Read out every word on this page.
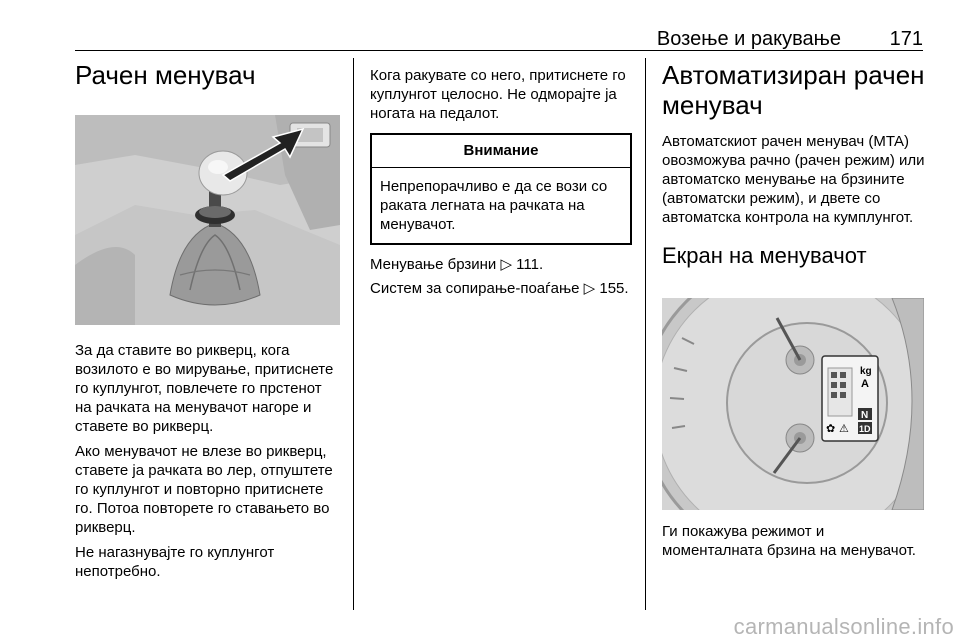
Возење и ракување 171
Рачен менувач

За да ставите во рикверц, кога возилото е во мирување, притиснете го куплунгот, повлечете го прстенот на рачката на менувачот нагоре и ставете во рикверц.

Ако менувачот не влезе во рикверц, ставете ја рачката во лер, отпуштете го куплунгот и повторно притиснете го. Потоа повторете го ставањето во рикверц.

Не нагазнувајте го куплунгот непотребно.

Кога ракувате со него, притиснете го куплунгот целосно. Не одморајте ја ногата на педалот.

Внимание
Непрепорачливо е да се вози со раката легната на рачката на менувачот.

Менување брзини ▷ 111.

Систем за сопирање-поаѓање ▷ 155.

Автоматизиран рачен менувач

Автоматскиот рачен менувач (MTA) овозможува рачно (рачен режим) или автоматско менување на брзините (автоматски режим), и двете со автоматска контрола на кумплунгот.

Екран на менувачот
kg
A
N
1D
✿ ⚠

Ги покажува режимот и моменталната брзина на менувачот.

carmanualsonline.info
